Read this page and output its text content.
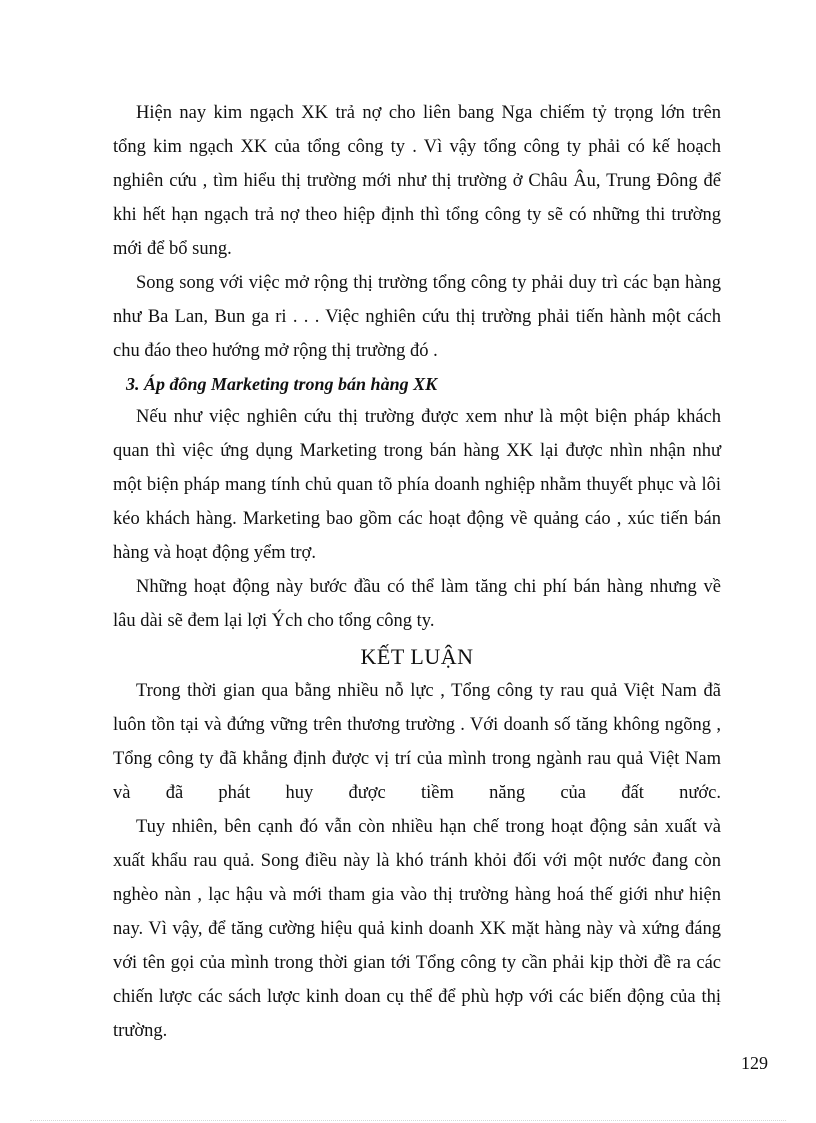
Hiện nay kim ngạch XK trả nợ cho liên bang Nga chiếm tỷ trọng lớn trên
tổng kim ngạch XK của tổng công ty . Vì vậy tổng công ty phải có kế hoạch
nghiên cứu , tìm hiểu thị trường mới như thị trường ở Châu Âu, Trung Đông để
khi hết hạn ngạch trả nợ theo hiệp định thì tổng công ty sẽ có những thi trường
mới để bổ sung.

Song song với việc mở rộng thị trường tổng công ty phải duy trì các bạn hàng
như Ba Lan, Bun ga ri . . . Việc nghiên cứu thị trường phải tiến hành một cách
chu đáo theo hướng mở rộng thị trường đó .

3. Áp đông Marketing trong bán hàng XK

Nếu như việc nghiên cứu thị trường được xem như là một biện pháp khách
quan thì việc ứng dụng Marketing trong bán hàng XK lại được nhìn nhận như
một biện pháp mang tính chủ quan tõ phía doanh nghiệp nhằm thuyết phục và lôi
kéo khách hàng. Marketing bao gồm các hoạt động về quảng cáo , xúc tiến bán
hàng và hoạt động yểm trợ.

Những hoạt động này bước đầu có thể làm tăng chi phí bán hàng nhưng về
lâu dài sẽ đem lại lợi Ých cho tổng công ty.

KẾT LUẬN

Trong thời gian qua bằng nhiều nỗ lực , Tổng công ty rau quả Việt Nam đã
luôn tồn tại và đứng vững trên thương trường . Với doanh số tăng không ngõng ,
Tổng công ty đã khẳng định được vị trí của mình trong ngành rau quả Việt Nam
và đã phát huy được tiềm năng của đất nước.

Tuy nhiên, bên cạnh đó vẫn còn nhiều hạn chế trong hoạt động sản xuất và
xuất khẩu rau quả. Song điều này là khó tránh khỏi đối với một nước đang còn
nghèo nàn , lạc hậu và mới tham gia vào thị trường hàng hoá thế giới như hiện
nay. Vì vậy, để tăng cường hiệu quả kinh doanh XK mặt hàng này và xứng đáng
với tên gọi của mình trong thời gian tới Tổng công ty cần phải kịp thời đề ra các
chiến lược các sách lược kinh doan cụ thể để phù hợp với các biến động của thị
trường.

129
